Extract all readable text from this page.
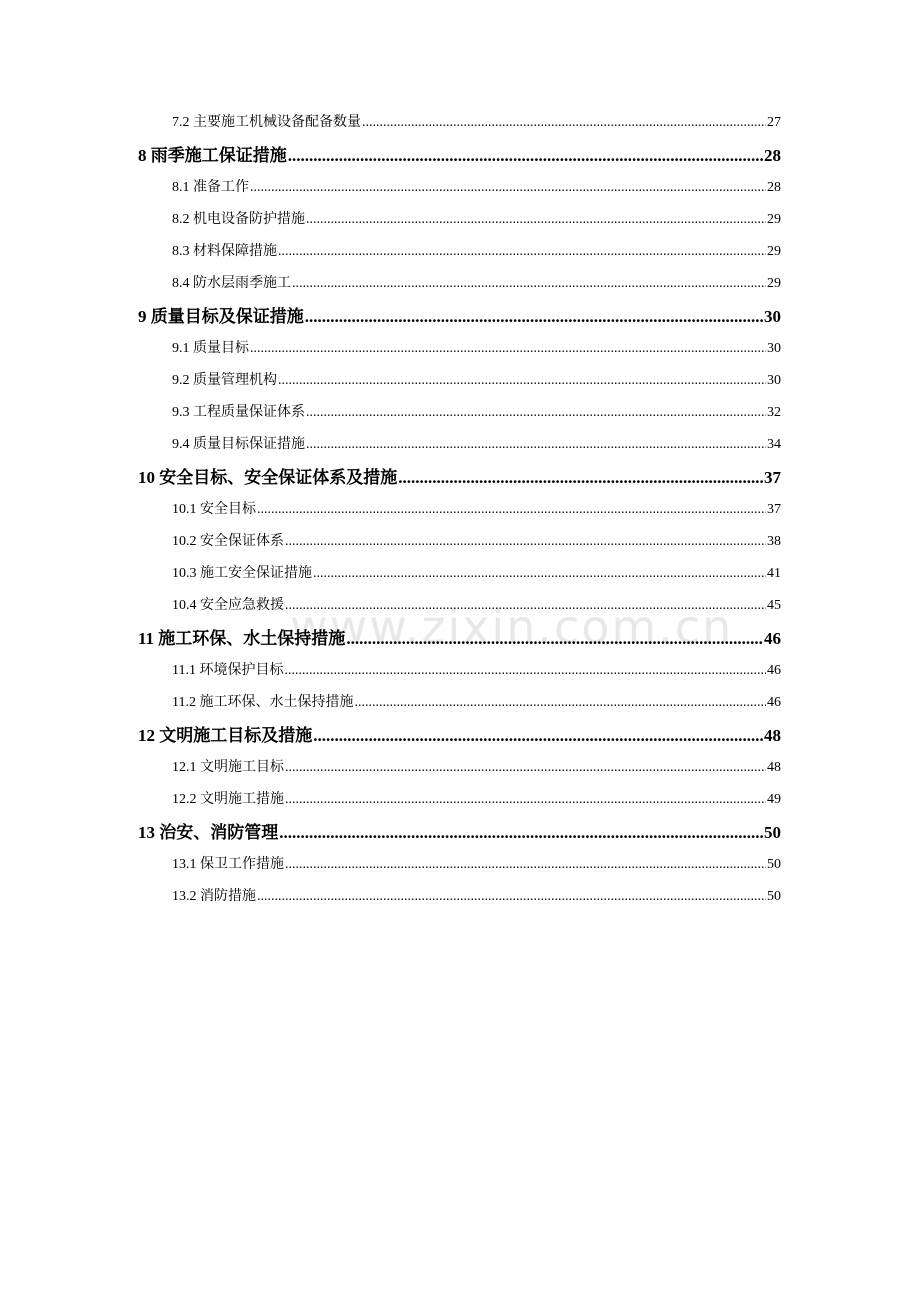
www.zixin.com.cn
7.2 主要施工机械设备配备数量 .....	27
8 雨季施工保证措施 .....	28
8.1 准备工作 .....	28
8.2 机电设备防护措施 .....	29
8.3 材料保障措施 .....	29
8.4 防水层雨季施工 .....	29
9 质量目标及保证措施 .....	30
9.1 质量目标 .....	30
9.2 质量管理机构 .....	30
9.3 工程质量保证体系 .....	32
9.4 质量目标保证措施 .....	34
10 安全目标、安全保证体系及措施 .....	37
10.1 安全目标 .....	37
10.2 安全保证体系 .....	38
10.3 施工安全保证措施 .....	41
10.4 安全应急救援 .....	45
11 施工环保、水土保持措施 .....	46
11.1 环境保护目标 .....	46
11.2 施工环保、水土保持措施 .....	46
12 文明施工目标及措施 .....	48
12.1 文明施工目标 .....	48
12.2 文明施工措施 .....	49
13 治安、消防管理 .....	50
13.1 保卫工作措施 .....	50
13.2 消防措施 .....	50
